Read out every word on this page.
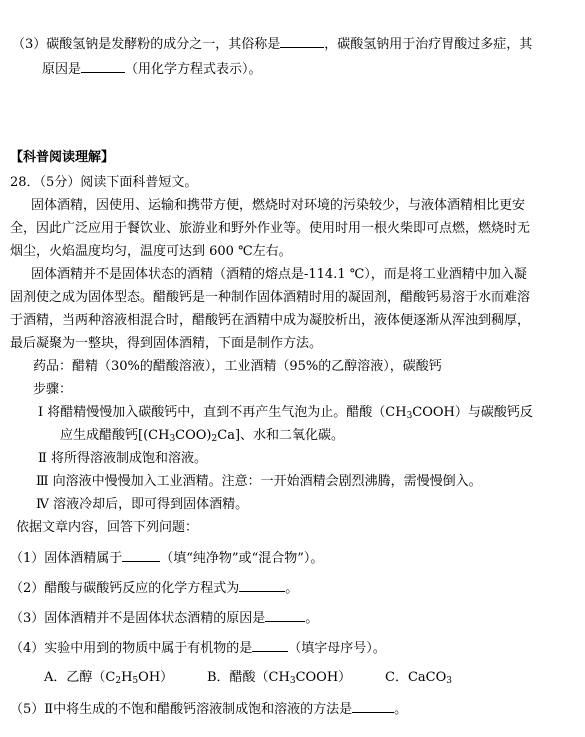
（3）碳酸氢钠是发酵粉的成分之一，其俗称是	，碳酸氢钠用于治疗胃酸过多症，其
原因是	（用化学方程式表示）。
【科普阅读理解】
28．（5分）阅读下面科普短文。
固体酒精，因使用、运输和携带方便，燃烧时对环境的污染较少，与液体酒精相比更安
全，因此广泛应用于餐饮业、旅游业和野外作业等。使用时用一根火柴即可点燃，燃烧时无
烟尘，火焰温度均匀，温度可达到 600 ℃左右。
固体酒精并不是固体状态的酒精（酒精的熔点是-114.1 ℃），而是将工业酒精中加入凝
固剂使之成为固体型态。醋酸钙是一种制作固体酒精时用的凝固剂，醋酸钙易溶于水而难溶
于酒精，当两种溶液相混合时，醋酸钙在酒精中成为凝胶析出，液体便逐渐从浑浊到稠厚，
最后凝聚为一整块，得到固体酒精，下面是制作方法。
药品：醋精（30%的醋酸溶液），工业酒精（95%的乙醇溶液），碳酸钙
步骤：
Ⅰ 将醋精慢慢加入碳酸钙中，直到不再产生气泡为止。醋酸$(CH_3COOH)$与碳酸钙反
应生成醋酸钙$[(CH_3COO)_2Ca]$、水和二氧化碳。
Ⅱ 将所得溶液制成饱和溶液。
Ⅲ 向溶液中慢慢加入工业酒精。注意：一开始酒精会剧烈沸腾，需慢慢倒入。
Ⅳ 溶液冷却后，即可得到固体酒精。
依据文章内容，回答下列问题：
（1）固体酒精属于	（填“纯净物”或“混合物”）。
（2）醋酸与碳酸钙反应的化学方程式为	。
（3）固体酒精并不是固体状态酒精的原因是	。
（4）实验中用到的物质中属于有机物的是	（填字母序号）。
A．乙醇$(C_2H_5OH)$	B．醋酸$(CH_3COOH)$	C．CaCO$_3$
（5）Ⅱ中将生成的不饱和醋酸钙溶液制成饱和溶液的方法是	。
